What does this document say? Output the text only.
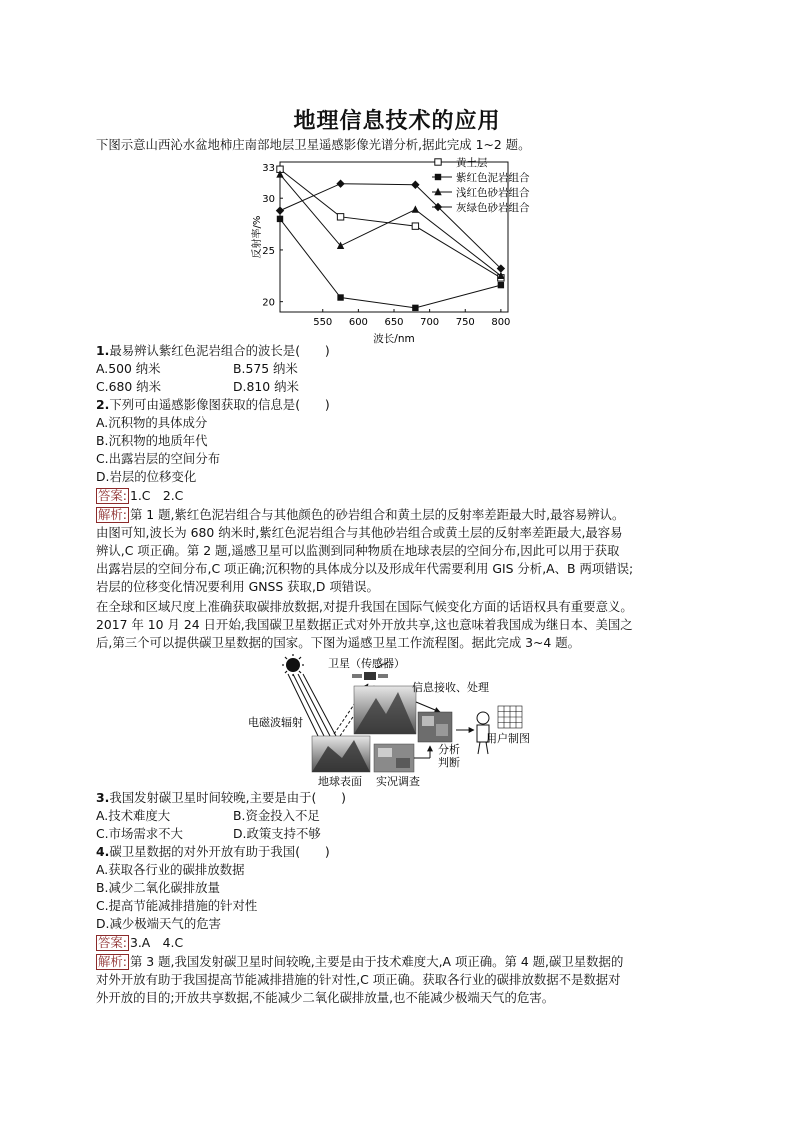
地理信息技术的应用
下图示意山西沁水盆地柿庄南部地层卫星遥感影像光谱分析,据此完成 1~2 题。
550 600 650 700 750 800
20
25
30
33
波长/nm
反射率/%
黄土层
紫红色泥岩组合
浅红色砂岩组合
灰绿色砂岩组合
1.最易辨认紫红色泥岩组合的波长是(　　)
A.500 纳米	B.575 纳米
C.680 纳米	D.810 纳米
2.下列可由遥感影像图获取的信息是(　　)
A.沉积物的具体成分
B.沉积物的地质年代
C.出露岩层的空间分布
D.岩层的位移变化
答案: 1.C　2.C
解析: 第 1 题,紫红色泥岩组合与其他颜色的砂岩组合和黄土层的反射率差距最大时,最容易辨认。
由图可知,波长为 680 纳米时,紫红色泥岩组合与其他砂岩组合或黄土层的反射率差距最大,最容易
辨认,C 项正确。第 2 题,遥感卫星可以监测到同种物质在地球表层的空间分布,因此可以用于获取
出露岩层的空间分布,C 项正确;沉积物的具体成分以及形成年代需要利用 GIS 分析,A、B 两项错误;
岩层的位移变化情况要利用 GNSS 获取,D 项错误。
在全球和区域尺度上准确获取碳排放数据,对提升我国在国际气候变化方面的话语权具有重要意义。
2017 年 10 月 24 日开始,我国碳卫星数据正式对外开放共享,这也意味着我国成为继日本、美国之
后,第三个可以提供碳卫星数据的国家。下图为遥感卫星工作流程图。据此完成 3~4 题。
卫星（传感器）
信息接收、处理
用户制图
电磁波辐射
地球表面 实况调查
分析
判断
3.我国发射碳卫星时间较晚,主要是由于(　　)
A.技术难度大	B.资金投入不足
C.市场需求不大	D.政策支持不够
4.碳卫星数据的对外开放有助于我国(　　)
A.获取各行业的碳排放数据
B.减少二氧化碳排放量
C.提高节能减排措施的针对性
D.减少极端天气的危害
答案: 3.A　4.C
解析: 第 3 题,我国发射碳卫星时间较晚,主要是由于技术难度大,A 项正确。第 4 题,碳卫星数据的
对外开放有助于我国提高节能减排措施的针对性,C 项正确。获取各行业的碳排放数据不是数据对
外开放的目的;开放共享数据,不能减少二氧化碳排放量,也不能减少极端天气的危害。
